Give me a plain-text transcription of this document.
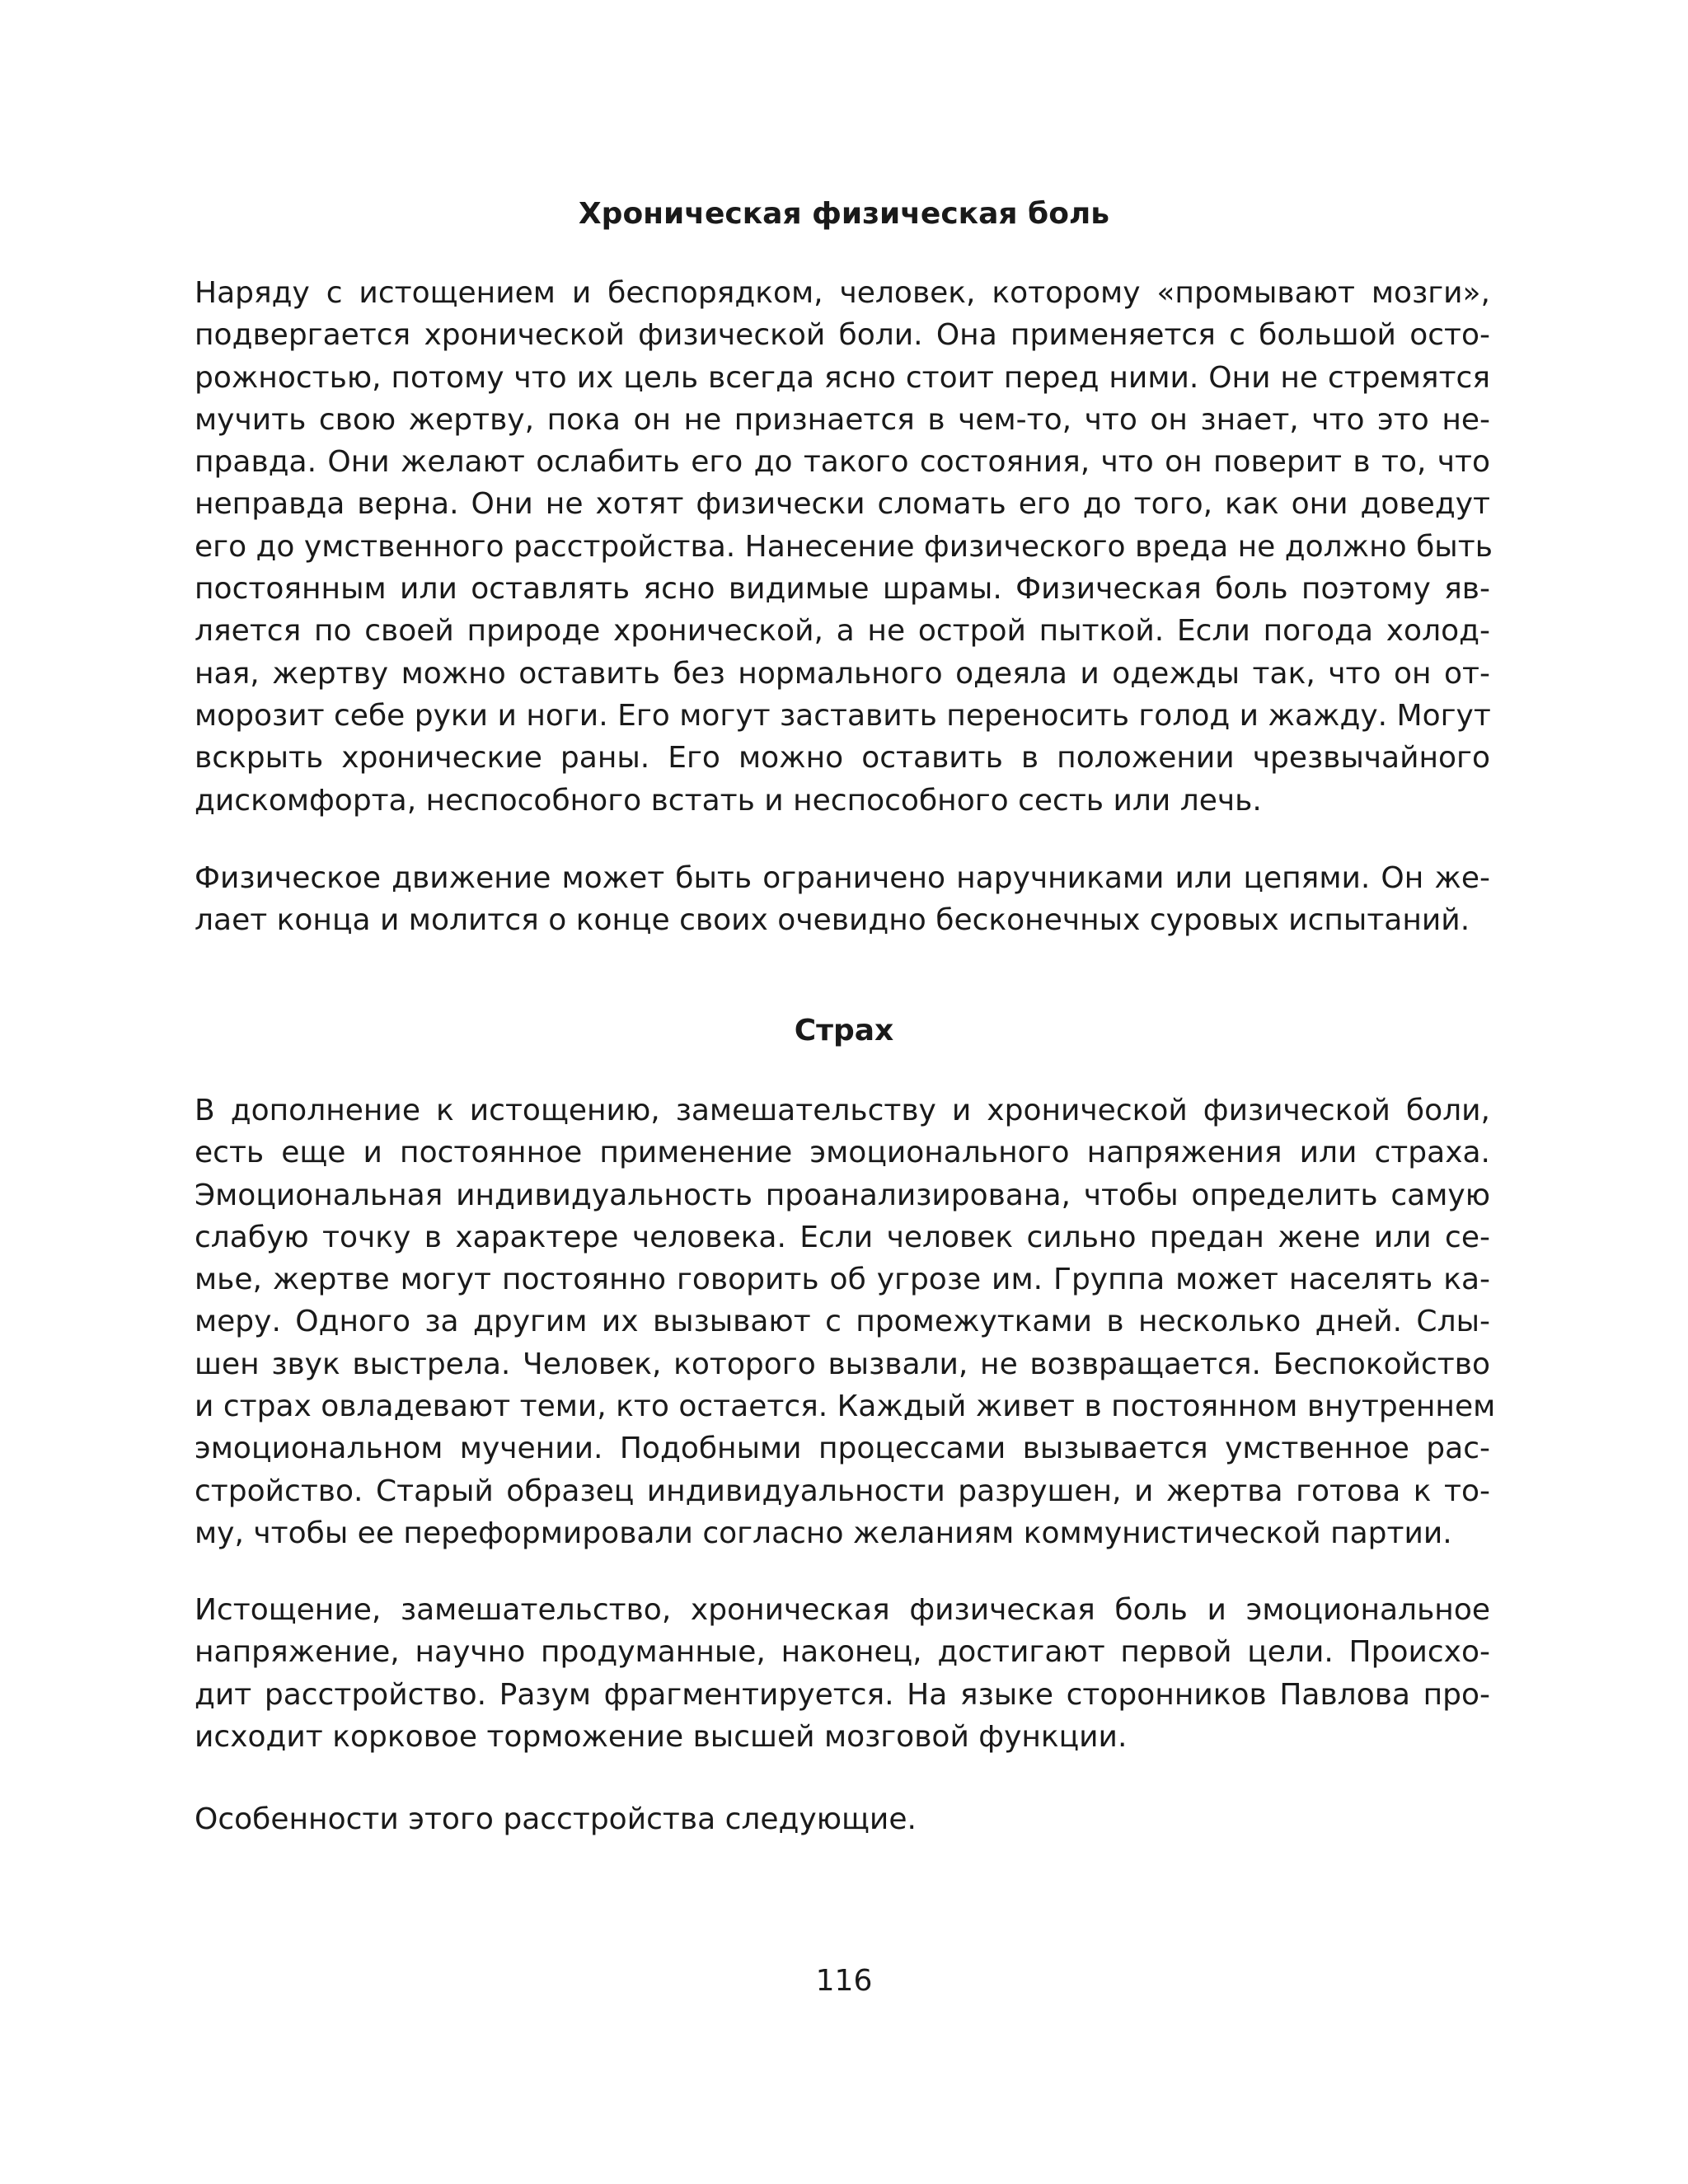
Хроническая физическая боль
Наряду с истощением и беспорядком, человек, которому «промывают мозги»,
подвергается хронической физической боли. Она применяется с большой осто-
рожностью, потому что их цель всегда ясно стоит перед ними. Они не стремятся
мучить свою жертву, пока он не признается в чем-то, что он знает, что это не-
правда. Они желают ослабить его до такого состояния, что он поверит в то, что
неправда верна. Они не хотят физически сломать его до того, как они доведут
его до умственного расстройства. Нанесение физического вреда не должно быть
постоянным или оставлять ясно видимые шрамы. Физическая боль поэтому яв-
ляется по своей природе хронической, а не острой пыткой. Если погода холод-
ная, жертву можно оставить без нормального одеяла и одежды так, что он от-
морозит себе руки и ноги. Его могут заставить переносить голод и жажду. Могут
вскрыть хронические раны. Его можно оставить в положении чрезвычайного
дискомфорта, неспособного встать и неспособного сесть или лечь.
Физическое движение может быть ограничено наручниками или цепями. Он же-
лает конца и молится о конце своих очевидно бесконечных суровых испытаний.
Страх
В дополнение к истощению, замешательству и хронической физической боли,
есть еще и постоянное применение эмоционального напряжения или страха.
Эмоциональная индивидуальность проанализирована, чтобы определить самую
слабую точку в характере человека. Если человек сильно предан жене или се-
мье, жертве могут постоянно говорить об угрозе им. Группа может населять ка-
меру. Одного за другим их вызывают с промежутками в несколько дней. Слы-
шен звук выстрела. Человек, которого вызвали, не возвращается. Беспокойство
и страх овладевают теми, кто остается. Каждый живет в постоянном внутреннем
эмоциональном мучении. Подобными процессами вызывается умственное рас-
стройство. Старый образец индивидуальности разрушен, и жертва готова к то-
му, чтобы ее переформировали согласно желаниям коммунистической партии.
Истощение, замешательство, хроническая физическая боль и эмоциональное
напряжение, научно продуманные, наконец, достигают первой цели. Происхо-
дит расстройство. Разум фрагментируется. На языке сторонников Павлова про-
исходит корковое торможение высшей мозговой функции.
Особенности этого расстройства следующие.
116
